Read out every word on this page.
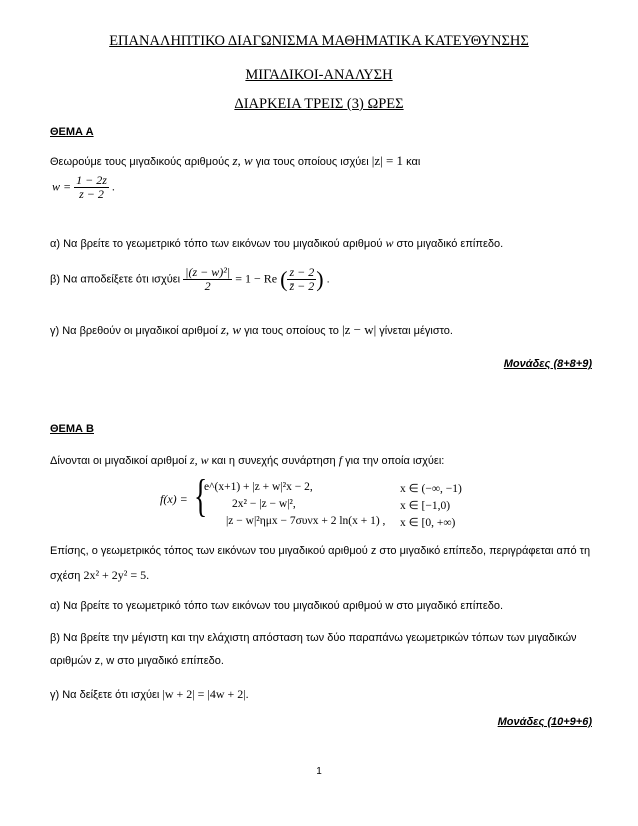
ΕΠΑΝΑΛΗΠΤΙΚΟ ΔΙΑΓΩΝΙΣΜΑ ΜΑΘΗΜΑΤΙΚΑ ΚΑΤΕΥΘΥΝΣΗΣ
ΜΙΓΑΔΙΚΟΙ-ΑΝΑΛΥΣΗ
ΔΙΑΡΚΕΙΑ ΤΡΕΙΣ (3) ΩΡΕΣ
ΘΕΜΑ Α
Θεωρούμε τους μιγαδικούς αριθμούς z, w για τους οποίους ισχύει |z| = 1 και
$w = \frac{1 - 2z}{z - 2}$ .
α) Να βρείτε το γεωμετρικό τόπο των εικόνων του μιγαδικού αριθμού w στο μιγαδικό επίπεδο.
β) Να αποδείξετε ότι ισχύει $\frac{\text{|(z − w)²|}}{2} = 1 - Re$ ( $\frac{z - 2}{z̄ - 2}$ ) .
γ) Να βρεθούν οι μιγαδικοί αριθμοί z, w για τους οποίους το |z − w| γίνεται μέγιστο.
Μονάδες (8+8+9)
ΘΕΜΑ Β
Δίνονται οι μιγαδικοί αριθμοί z, w και η συνεχής συνάρτηση f για την οποία ισχύει:
f(x) = {
e^(x+1) + |z + w|²x − 2,	x ∈ (−∞, −1)
2x² − |z − w|²,	x ∈ [−1,0)
|z − w|²ημx − 7συνx + 2 ln(x + 1) , x ∈ [0, +∞)
Επίσης, ο γεωμετρικός τόπος των εικόνων του μιγαδικού αριθμού z στο μιγαδικό επίπεδο, περιγράφεται από τη
σχέση 2x² + 2y² = 5.
α) Να βρείτε το γεωμετρικό τόπο των εικόνων του μιγαδικού αριθμού w στο μιγαδικό επίπεδο.
β) Να βρείτε την μέγιστη και την ελάχιστη απόσταση των δύο παραπάνω γεωμετρικών τόπων των μιγαδικών
αριθμών z, w στο μιγαδικό επίπεδο.
γ) Να δείξετε ότι ισχύει |w + 2| = |4w + 2|.
Μονάδες (10+9+6)
1
